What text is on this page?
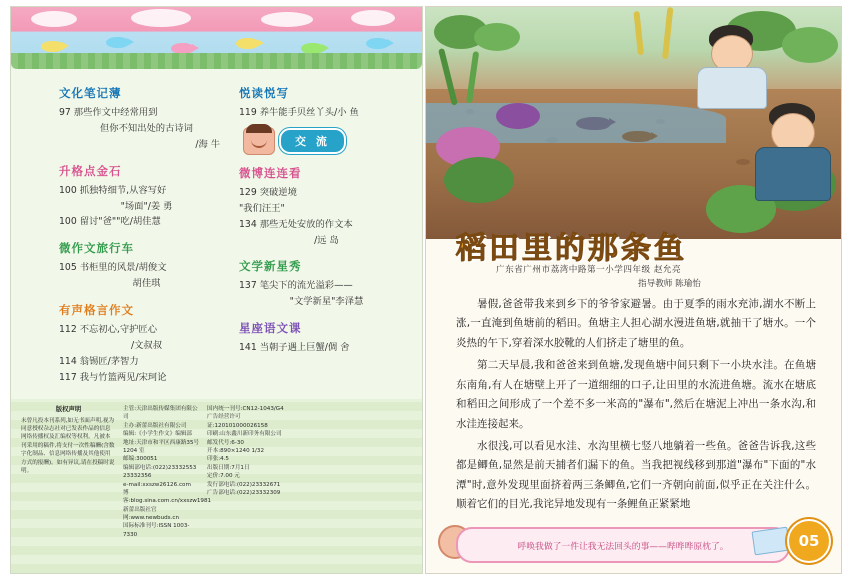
文化笔记薄
97 那些作文中经常用到
但你不知出处的古诗词
/海 牛
升格点金石
100 抓独特细节,从容写好
"场面"/姜 勇
100 留讨"爸""吃/胡佳慧
微作文旅行车
105 书柜里的风景/胡俊文
胡佳琪
有声格言作文
112 不忘初心,守护匠心
/文叔叔
114 翁锡匠/茅智力
117 我与竹篮两见/宋珂论
悦读悦写
119 养牛能手贝丝丫头/小 鱼
交 流
微博连连看
129 突破逆境
"我们汪王"
134 那些无处安放的作文本
/远 岛
文学新星秀
137 笔尖下的流光溢彩——
"文学新星"李泽慧
星座语文课
141 当朝子遇上巨蟹/倜 舍
版权声明
未曾凡投本刊系列,如无书面声明,视为同意授权杂志社对已发表作品的信息网络传播权及汇编权等权利。凡被本刊采用的稿件,将支付一次性稿酬(含数字化制品、信息网络传播及其他使用方式的报酬)。如有异议,请在投稿时说明。
主管:天津出版传媒集团有限公司
主办:新蕾出版社有限公司
编辑:《小学生作文》编辑部
地址:天津市和平区西康路35号
1204 室
邮编:300051
编辑部电话:(022)23332553
23332356
e-mail:xxszw26126.com
博客:blog.sina.com.cn/xxszw1981
新蕾出版社官网:www.newbuds.cn
国际标准刊号:ISSN 1003-7330
国内统一刊号:CN12-1043/G4
广告经营许可证:120101000026158
印刷:山东鑫川新印务有限公司
邮发代号:6-30
开本:890×1240 1/32
印张:4.5
出版日期:7月1日
定价:7.00 元
发行部电话:(022)23332671
广告部电话:(022)23332309
稻田里的那条鱼
广东省广州市荔湾中路第一小学四年级 赵允亮
指导教师 陈瑜怡

暑假,爸爸带我来到乡下的爷爷家避暑。由于夏季的雨水充沛,湖水不断上涨,一直淹到鱼塘前的稻田。鱼塘主人担心湖水漫进鱼塘,就抽干了塘水。一个炎热的午下,穿着深水胶靴的人们挤走了塘里的鱼。

第二天早晨,我和爸爸来到鱼塘,发现鱼塘中间只剩下一小块水洼。在鱼塘东南角,有人在塘壁上开了一道细细的口子,让田里的水流进鱼塘。流水在塘底和稻田之间形成了一个差不多一米高的"瀑布",然后在塘泥上冲出一条水沟,和水洼连接起来。

水很浅,可以看见水洼、水沟里横七竖八地躺着一些鱼。爸爸告诉我,这些都是鲫鱼,显然是前天捕者们漏下的鱼。当我把视线移到那道"瀑布"下面的"水潭"时,意外发现里面挤着两三条鲫鱼,它们一齐朝向前面,似乎正在关注什么。顺着它们的目光,我诧异地发现有一条鲤鱼正紧紧地

呼唤我做了一件让我无法回头的事——哔哗哗原枕了。	05
